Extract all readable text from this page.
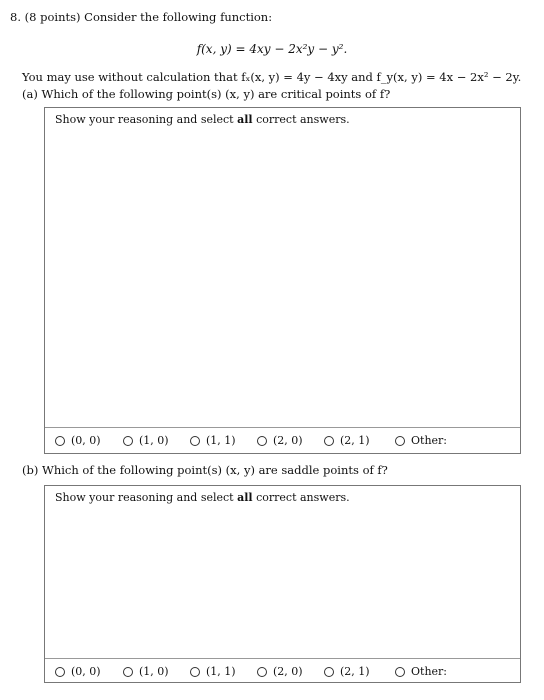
8. (8 points) Consider the following function:
f(x, y) = 4xy − 2x²y − y².
You may use without calculation that fₓ(x, y) = 4y − 4xy and f_y(x, y) = 4x − 2x² − 2y.
(a) Which of the following point(s) (x, y) are critical points of f?
Show your reasoning and select all correct answers.
(0, 0)	(1, 0)	(1, 1)	(2, 0)	(2, 1)	Other:
(b) Which of the following point(s) (x, y) are saddle points of f?
Show your reasoning and select all correct answers.
(0, 0)	(1, 0)	(1, 1)	(2, 0)	(2, 1)	Other:
